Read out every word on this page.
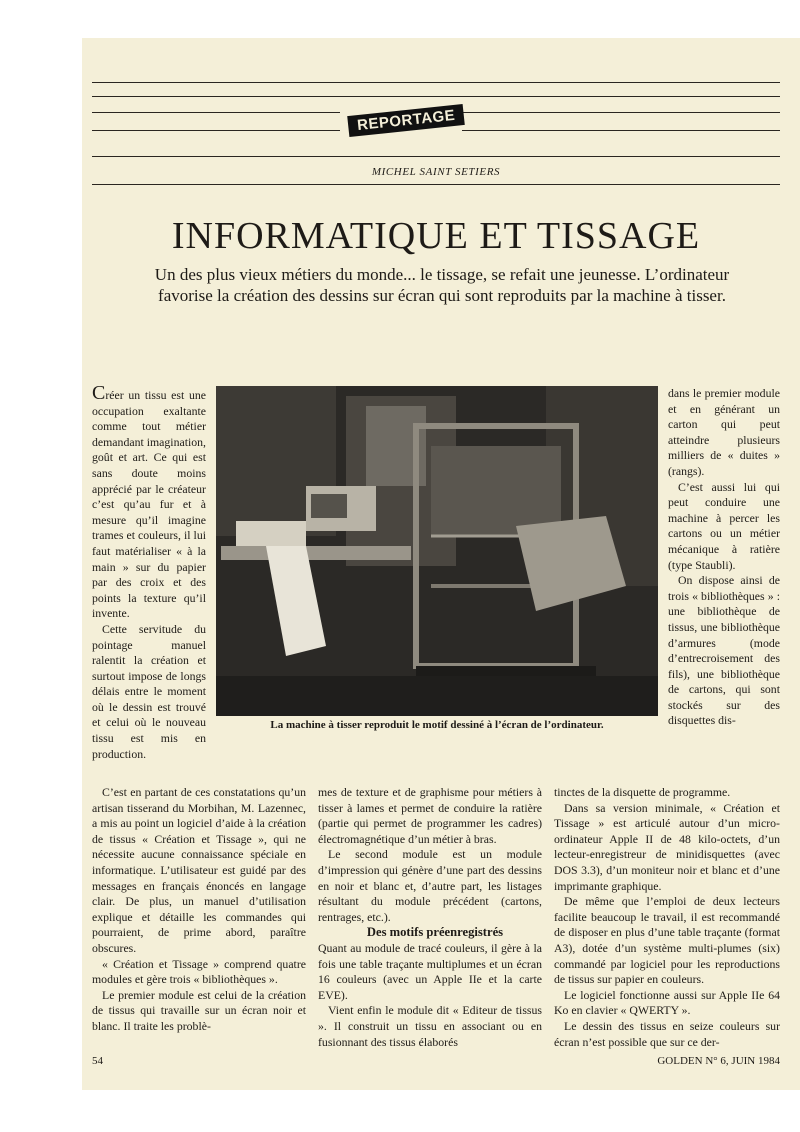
REPORTAGE
MICHEL SAINT SETIERS
INFORMATIQUE ET TISSAGE
Un des plus vieux métiers du monde... le tissage, se refait une jeunesse. L’ordinateur favorise la création des dessins sur écran qui sont reproduits par la machine à tisser.

Créer un tissu est une occupation exaltante comme tout métier demandant imagination, goût et art. Ce qui est sans doute moins apprécié par le créateur c’est qu’au fur et à mesure qu’il imagine trames et couleurs, il lui faut matérialiser « à la main » sur du papier par des croix et des points la texture qu’il invente.

Cette servitude du pointage manuel ralentit la création et surtout impose de longs délais entre le moment où le dessin est trouvé et celui où le nouveau tissu est mis en production.

C’est en partant de ces constatations qu’un artisan tisserand du Morbihan, M. Lazennec, a mis au point un logiciel d’aide à la création de tissus « Création et Tissage », qui ne nécessite aucune connaissance spéciale en informatique. L’utilisateur est guidé par des messages en français énoncés en langage clair. De plus, un manuel d’utilisation explique et détaille les commandes qui pourraient, de prime abord, paraître obscures.

« Création et Tissage » comprend quatre modules et gère trois « bibliothèques ».

Le premier module est celui de la création de tissus qui travaille sur un écran noir et blanc. Il traite les problè-

La machine à tisser reproduit le motif dessiné à l’écran de l’ordinateur.

mes de texture et de graphisme pour métiers à tisser à lames et permet de conduire la ratière (partie qui permet de programmer les cadres) électromagnétique d’un métier à bras.

Le second module est un module d’impression qui génère d’une part des dessins en noir et blanc et, d’autre part, les listages résultant du module précédent (cartons, rentrages, etc.).

Des motifs préenregistrés

Quant au module de tracé couleurs, il gère à la fois une table traçante multiplumes et un écran 16 couleurs (avec un Apple IIe et la carte EVE).

Vient enfin le module dit « Editeur de tissus ». Il construit un tissu en associant ou en fusionnant des tissus élaborés

dans le premier module et en générant un carton qui peut atteindre plusieurs milliers de « duites » (rangs).

C’est aussi lui qui peut conduire une machine à percer les cartons ou un métier mécanique à ratière (type Staubli).

On dispose ainsi de trois « bibliothèques » : une bibliothèque de tissus, une bibliothèque d’armures (mode d’entrecroisement des fils), une bibliothèque de cartons, qui sont stockés sur des disquettes dis-

tinctes de la disquette de programme.

Dans sa version minimale, « Création et Tissage » est articulé autour d’un micro-ordinateur Apple II de 48 kilo-octets, d’un lecteur-enregistreur de minidisquettes (avec DOS 3.3), d’un moniteur noir et blanc et d’une imprimante graphique.

De même que l’emploi de deux lecteurs facilite beaucoup le travail, il est recommandé de disposer en plus d’une table traçante (format A3), dotée d’un système multi-plumes (six) commandé par logiciel pour les reproductions de tissus sur papier en couleurs.

Le logiciel fonctionne aussi sur Apple IIe 64 Ko en clavier « QWERTY ».

Le dessin des tissus en seize couleurs sur écran n’est possible que sur ce der-

54	GOLDEN N° 6, JUIN 1984
